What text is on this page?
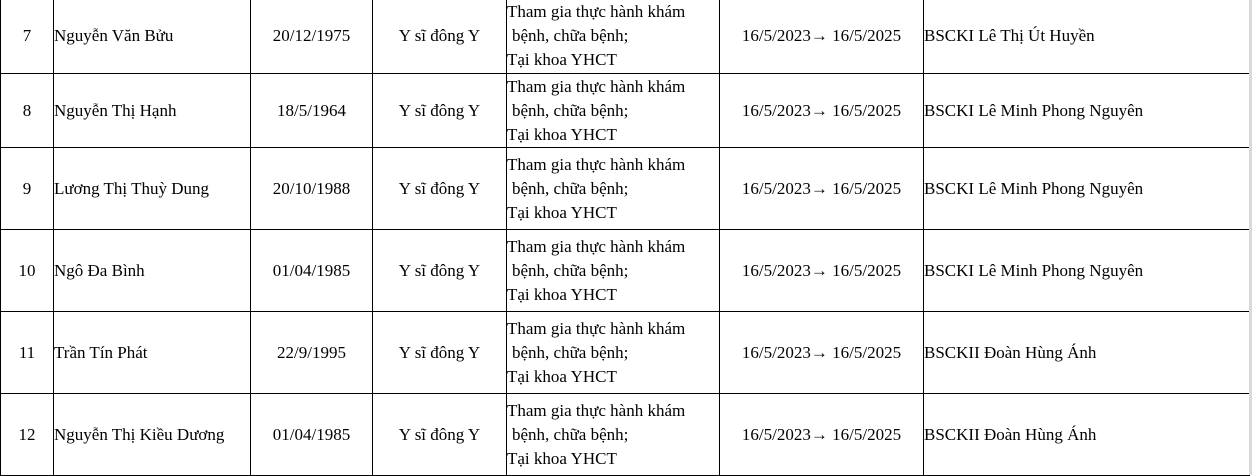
7	Nguyễn Văn Bửu	20/12/1975	Y sĩ đông Y	Tham gia thực hành khám
bệnh, chữa bệnh;
Tại khoa YHCT	16/5/2023→ 16/5/2025	BSCKI Lê Thị Út Huyền
8	Nguyễn Thị Hạnh	18/5/1964	Y sĩ đông Y	Tham gia thực hành khám
bệnh, chữa bệnh;
Tại khoa YHCT	16/5/2023→ 16/5/2025	BSCKI Lê Minh Phong Nguyên
9	Lương Thị Thuỳ Dung	20/10/1988	Y sĩ đông Y	Tham gia thực hành khám
bệnh, chữa bệnh;
Tại khoa YHCT	16/5/2023→ 16/5/2025	BSCKI Lê Minh Phong Nguyên
10	Ngô Đa Bình	01/04/1985	Y sĩ đông Y	Tham gia thực hành khám
bệnh, chữa bệnh;
Tại khoa YHCT	16/5/2023→ 16/5/2025	BSCKI Lê Minh Phong Nguyên
11	Trần Tín Phát	22/9/1995	Y sĩ đông Y	Tham gia thực hành khám
bệnh, chữa bệnh;
Tại khoa YHCT	16/5/2023→ 16/5/2025	BSCKII Đoàn Hùng Ánh
12	Nguyễn Thị Kiều Dương	01/04/1985	Y sĩ đông Y	Tham gia thực hành khám
bệnh, chữa bệnh;
Tại khoa YHCT	16/5/2023→ 16/5/2025	BSCKII Đoàn Hùng Ánh
